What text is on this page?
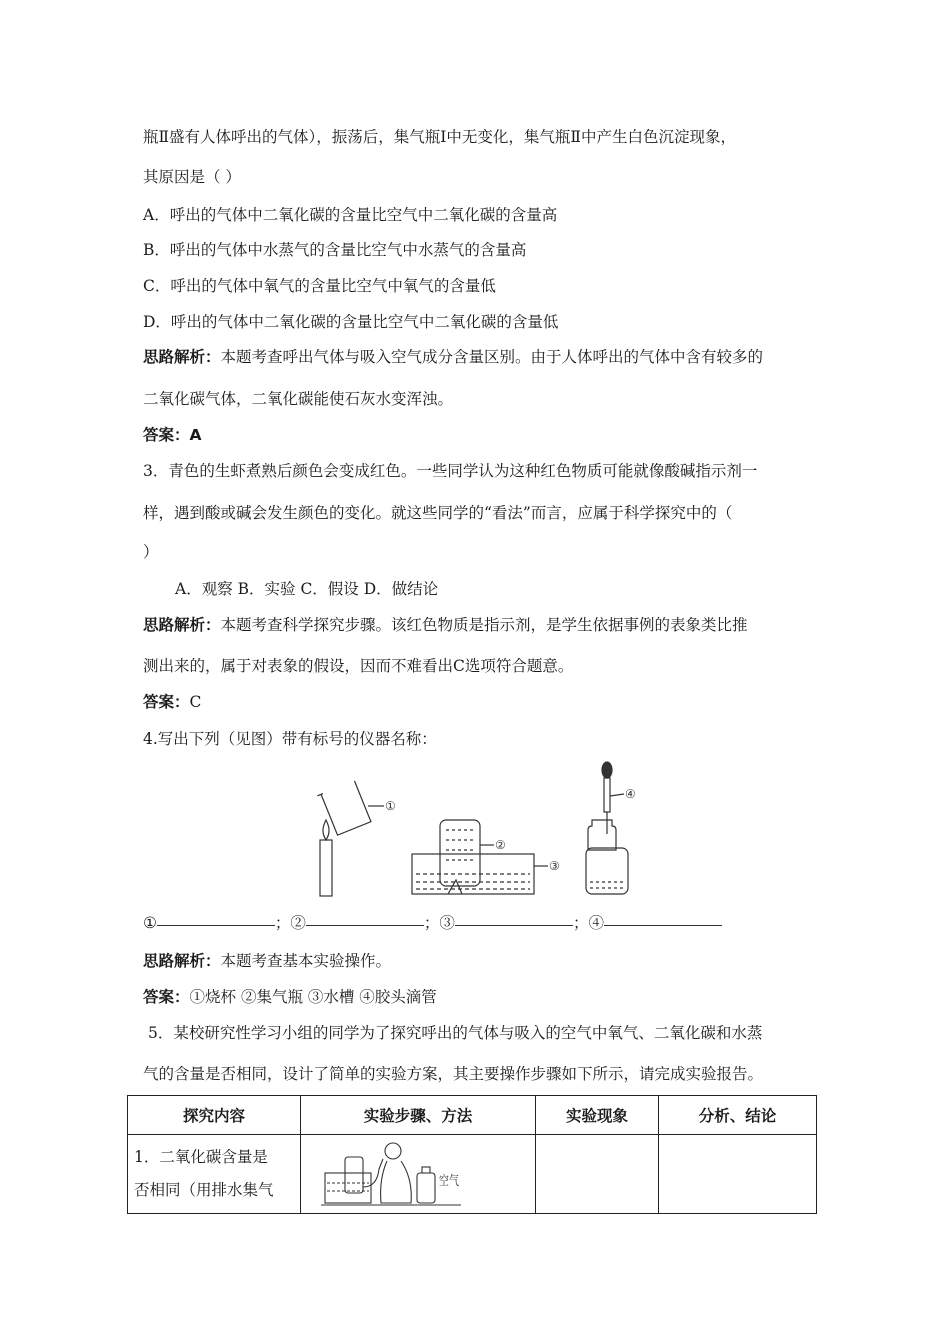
瓶Ⅱ盛有人体呼出的气体），振荡后，集气瓶Ⅰ中无变化，集气瓶Ⅱ中产生白色沉淀现象，
其原因是（ ）
A．呼出的气体中二氧化碳的含量比空气中二氧化碳的含量高
B．呼出的气体中水蒸气的含量比空气中水蒸气的含量高
C．呼出的气体中氧气的含量比空气中氧气的含量低
D．呼出的气体中二氧化碳的含量比空气中二氧化碳的含量低
思路解析：本题考查呼出气体与吸入空气成分含量区别。由于人体呼出的气体中含有较多的
二氧化碳气体，二氧化碳能使石灰水变浑浊。
答案：A
3．青色的生虾煮熟后颜色会变成红色。一些同学认为这种红色物质可能就像酸碱指示剂一
样，遇到酸或碱会发生颜色的变化。就这些同学的“看法”而言，应属于科学探究中的（
）
A．观察 B．实验 C．假设 D．做结论
思路解析：本题考查科学探究步骤。该红色物质是指示剂，是学生依据事例的表象类比推
测出来的，属于对表象的假设，因而不难看出C选项符合题意。
答案：C
4.写出下列（见图）带有标号的仪器名称：
①
②
③
④
①	；②	；③	；④
思路解析：本题考查基本实验操作。
答案：①烧杯 ②集气瓶 ③水槽 ④胶头滴管
5．某校研究性学习小组的同学为了探究呼出的气体与吸入的空气中氧气、二氧化碳和水蒸
气的含量是否相同，设计了简单的实验方案，其主要操作步骤如下所示，请完成实验报告。
探究内容	实验步骤、方法	实验现象	分析、结论

1．二氧化碳含量是
否相同（用排水集气	空气		
